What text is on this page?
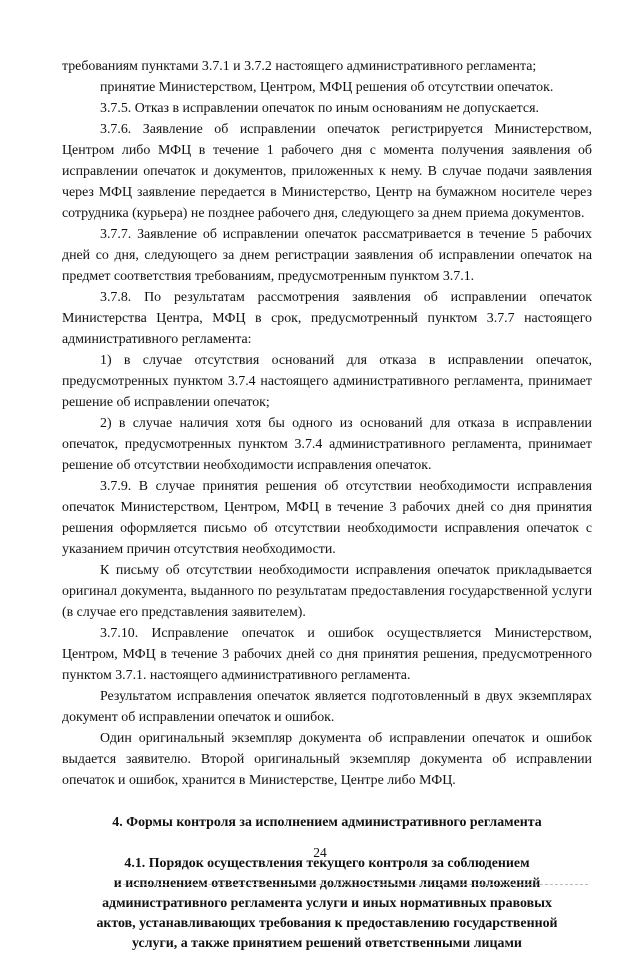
требованиям пунктами 3.7.1 и 3.7.2 настоящего административного регламента;

принятие Министерством, Центром, МФЦ решения об отсутствии опечаток.

3.7.5. Отказ в исправлении опечаток по иным основаниям не допускается.

3.7.6. Заявление об исправлении опечаток регистрируется Министерством, Центром либо МФЦ в течение 1 рабочего дня с момента получения заявления об исправлении опечаток и документов, приложенных к нему. В случае подачи заявления через МФЦ заявление передается в Министерство, Центр на бумажном носителе через сотрудника (курьера) не позднее рабочего дня, следующего за днем приема документов.

3.7.7. Заявление об исправлении опечаток рассматривается в течение 5 рабочих дней со дня, следующего за днем регистрации заявления об исправлении опечаток на предмет соответствия требованиям, предусмотренным пунктом 3.7.1.

3.7.8. По результатам рассмотрения заявления об исправлении опечаток Министерства Центра, МФЦ в срок, предусмотренный пунктом 3.7.7 настоящего административного регламента:

1) в случае отсутствия оснований для отказа в исправлении опечаток, предусмотренных пунктом 3.7.4 настоящего административного регламента, принимает решение об исправлении опечаток;

2) в случае наличия хотя бы одного из оснований для отказа в исправлении опечаток, предусмотренных пунктом 3.7.4 административного регламента, принимает решение об отсутствии необходимости исправления опечаток.

3.7.9. В случае принятия решения об отсутствии необходимости исправления опечаток Министерством, Центром, МФЦ в течение 3 рабочих дней со дня принятия решения оформляется письмо об отсутствии необходимости исправления опечаток с указанием причин отсутствия необходимости.

К письму об отсутствии необходимости исправления опечаток прикладывается оригинал документа, выданного по результатам предоставления государственной услуги (в случае его представления заявителем).

3.7.10. Исправление опечаток и ошибок осуществляется Министерством, Центром, МФЦ в течение 3 рабочих дней со дня принятия решения, предусмотренного пунктом 3.7.1. настоящего административного регламента.

Результатом исправления опечаток является подготовленный в двух экземплярах документ об исправлении опечаток и ошибок.

Один оригинальный экземпляр документа об исправлении опечаток и ошибок выдается заявителю. Второй оригинальный экземпляр документа об исправлении опечаток и ошибок, хранится в Министерстве, Центре либо МФЦ.

4. Формы контроля за исполнением административного регламента

4.1. Порядок осуществления текущего контроля за соблюдением
и исполнением ответственными должностными лицами положений
административного регламента услуги и иных нормативных правовых
актов, устанавливающих требования к предоставлению государственной
услуги, а также принятием решений ответственными лицами
24
